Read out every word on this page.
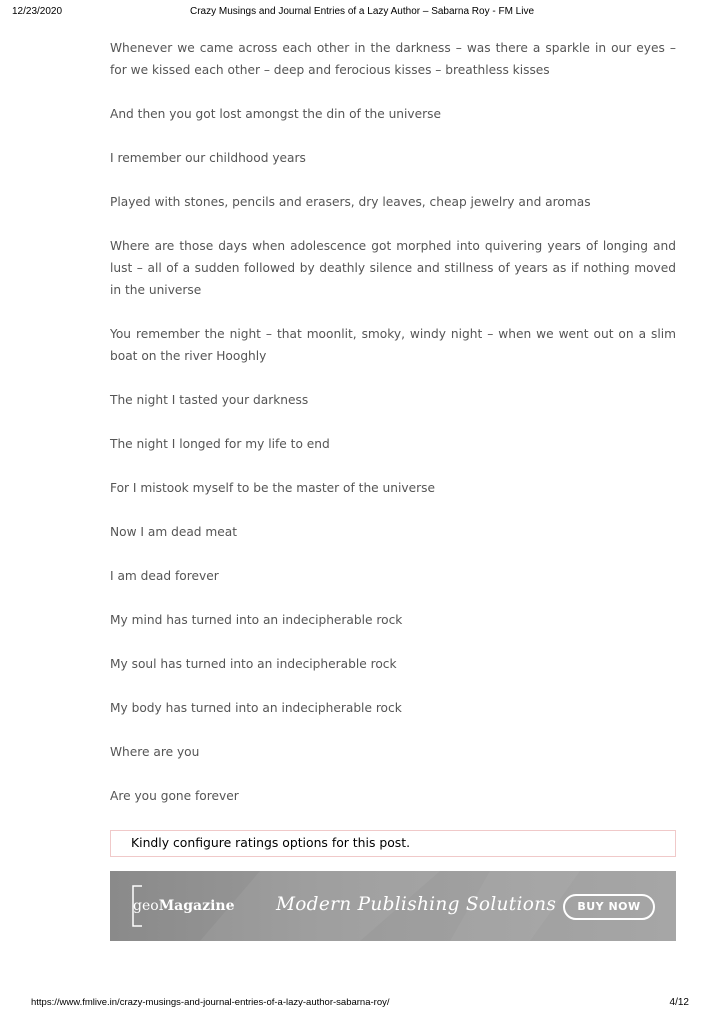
12/23/2020	Crazy Musings and Journal Entries of a Lazy Author – Sabarna Roy - FM Live

Whenever we came across each other in the darkness – was there a sparkle in our eyes – for we kissed each other – deep and ferocious kisses – breathless kisses

And then you got lost amongst the din of the universe

I remember our childhood years

Played with stones, pencils and erasers, dry leaves, cheap jewelry and aromas

Where are those days when adolescence got morphed into quivering years of longing and lust – all of a sudden followed by deathly silence and stillness of years as if nothing moved in the universe

You remember the night – that moonlit, smoky, windy night – when we went out on a slim boat on the river Hooghly

The night I tasted your darkness

The night I longed for my life to end

For I mistook myself to be the master of the universe

Now I am dead meat

I am dead forever

My mind has turned into an indecipherable rock

My soul has turned into an indecipherable rock

My body has turned into an indecipherable rock

Where are you

Are you gone forever

Kindly configure ratings options for this post.
geoMagazine Modern Publishing Solutions	BUY NOW
https://www.fmlive.in/crazy-musings-and-journal-entries-of-a-lazy-author-sabarna-roy/	4/12
